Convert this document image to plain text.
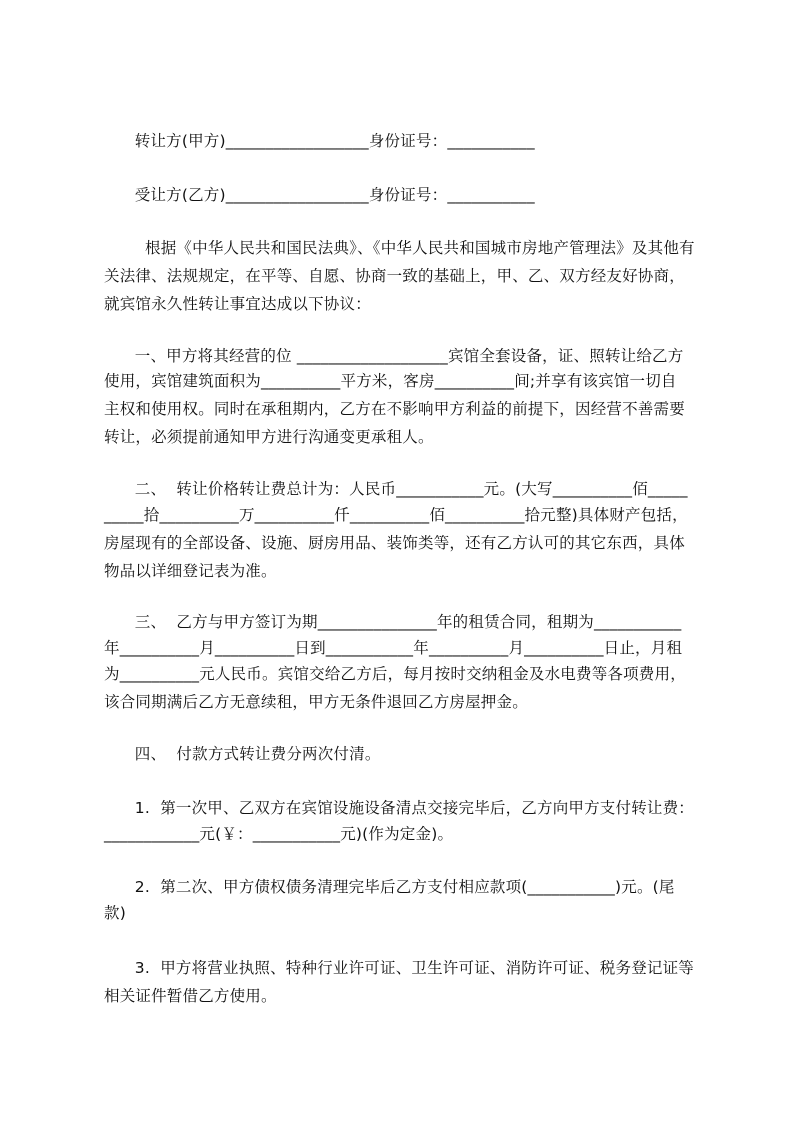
转让方(甲方)__________________身份证号：___________
受让方(乙方)__________________身份证号：___________
根据《中华人民共和国民法典》、《中华人民共和国城市房地产管理法》及其他有
关法律、法规规定，在平等、自愿、协商一致的基础上，甲、乙、双方经友好协商，
就宾馆永久性转让事宜达成以下协议：
一、甲方将其经营的位 ___________________宾馆全套设备，证、照转让给乙方
使用，宾馆建筑面积为__________平方米，客房__________间;并享有该宾馆一切自
主权和使用权。同时在承租期内，乙方在不影响甲方利益的前提下，因经营不善需要
转让，必须提前通知甲方进行沟通变更承租人。
二、  转让价格转让费总计为：人民币___________元。(大写__________佰_____
_____拾__________万__________仟__________佰__________拾元整)具体财产包括，
房屋现有的全部设备、设施、厨房用品、装饰类等，还有乙方认可的其它东西，具体
物品以详细登记表为准。
三、  乙方与甲方签订为期_______________年的租赁合同，租期为___________
年__________月__________日到___________年__________月__________日止，月租
为__________元人民币。宾馆交给乙方后，每月按时交纳租金及水电费等各项费用，
该合同期满后乙方无意续租，甲方无条件退回乙方房屋押金。
四、  付款方式转让费分两次付清。
1.  第一次甲、乙双方在宾馆设施设备清点交接完毕后，乙方向甲方支付转让费：
____________元(￥：___________元)(作为定金)。
2.  第二次、甲方债权债务清理完毕后乙方支付相应款项(___________)元。(尾
款)
3.  甲方将营业执照、特种行业许可证、卫生许可证、消防许可证、税务登记证等
相关证件暂借乙方使用。
